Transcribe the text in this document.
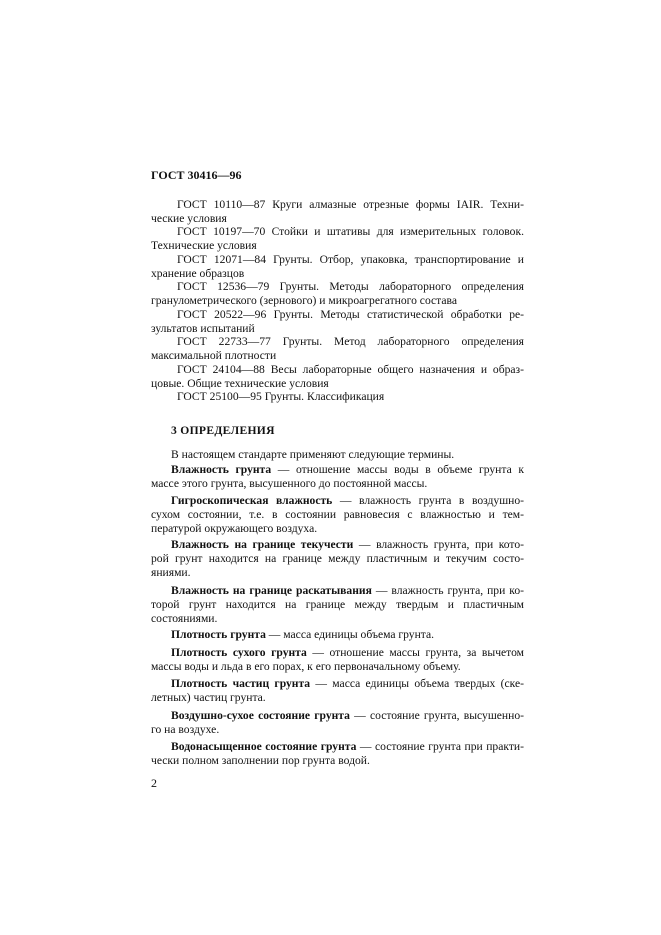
ГОСТ 30416—96
ГОСТ 10110—87 Круги алмазные отрезные формы IAIR. Техни-
ческие условия
ГОСТ 10197—70 Стойки и штативы для измерительных головок.
Технические условия
ГОСТ 12071—84 Грунты. Отбор, упаковка, транспортирование и
хранение образцов
ГОСТ 12536—79 Грунты. Методы лабораторного определения
гранулометрического (зернового) и микроагрегатного состава
ГОСТ 20522—96 Грунты. Методы статистической обработки ре-
зультатов испытаний
ГОСТ 22733—77 Грунты. Метод лабораторного определения
максимальной плотности
ГОСТ 24104—88 Весы лабораторные общего назначения и образ-
цовые. Общие технические условия
ГОСТ 25100—95 Грунты. Классификация
3 ОПРЕДЕЛЕНИЯ
В настоящем стандарте применяют следующие термины.
Влажность грунта — отношение массы воды в объеме грунта к
массе этого грунта, высушенного до постоянной массы.
Гигроскопическая влажность — влажность грунта в воздушно-
сухом состоянии, т.е. в состоянии равновесия с влажностью и тем-
пературой окружающего воздуха.
Влажность на границе текучести — влажность грунта, при кото-
рой грунт находится на границе между пластичным и текучим состо-
яниями.
Влажность на границе раскатывания — влажность грунта, при ко-
торой грунт находится на границе между твердым и пластичным
состояниями.
Плотность грунта — масса единицы объема грунта.
Плотность сухого грунта — отношение массы грунта, за вычетом
массы воды и льда в его порах, к его первоначальному объему.
Плотность частиц грунта — масса единицы объема твердых (ске-
летных) частиц грунта.
Воздушно-сухое состояние грунта — состояние грунта, высушенно-
го на воздухе.
Водонасыщенное состояние грунта — состояние грунта при практи-
чески полном заполнении пор грунта водой.
2
